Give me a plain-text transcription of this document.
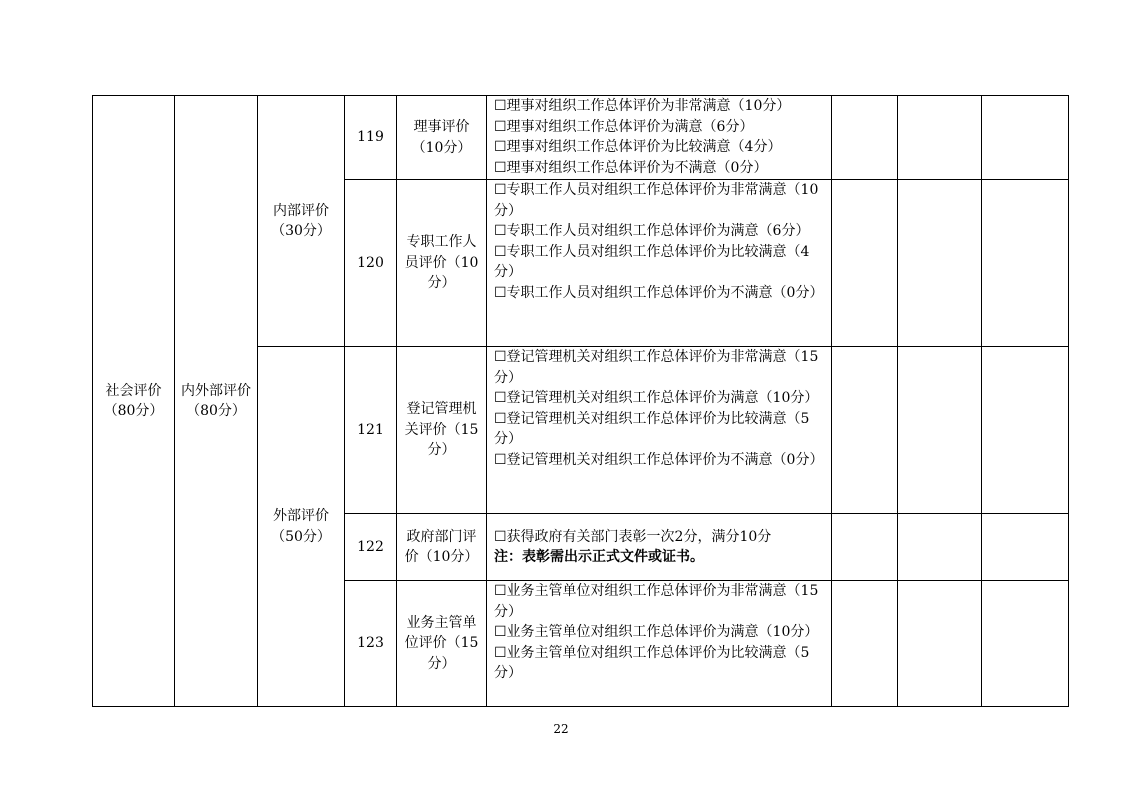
社会评价（80分）	内外部评价（80分）	内部评价（30分）	119	理事评价（10分）	☐理事对组织工作总体评价为非常满意（10分）
☐理事对组织工作总体评价为满意（6分）
☐理事对组织工作总体评价为比较满意（4分）
☐理事对组织工作总体评价为不满意（0分）			

			120	专职工作人员评价（10分）	☐专职工作人员对组织工作总体评价为非常满意（10分）
☐专职工作人员对组织工作总体评价为满意（6分）
☐专职工作人员对组织工作总体评价为比较满意（4分）
☐专职工作人员对组织工作总体评价为不满意（0分）			

		外部评价（50分）	121	登记管理机关评价（15分）	☐登记管理机关对组织工作总体评价为非常满意（15分）
☐登记管理机关对组织工作总体评价为满意（10分）
☐登记管理机关对组织工作总体评价为比较满意（5分）
☐登记管理机关对组织工作总体评价为不满意（0分）			

			122	政府部门评价（10分）	☐获得政府有关部门表彰一次2分，满分10分
注：表彰需出示正式文件或证书。			

			123	业务主管单位评价（15分）	☐业务主管单位对组织工作总体评价为非常满意（15分）
☐业务主管单位对组织工作总体评价为满意（10分）
☐业务主管单位对组织工作总体评价为比较满意（5分）			

22
